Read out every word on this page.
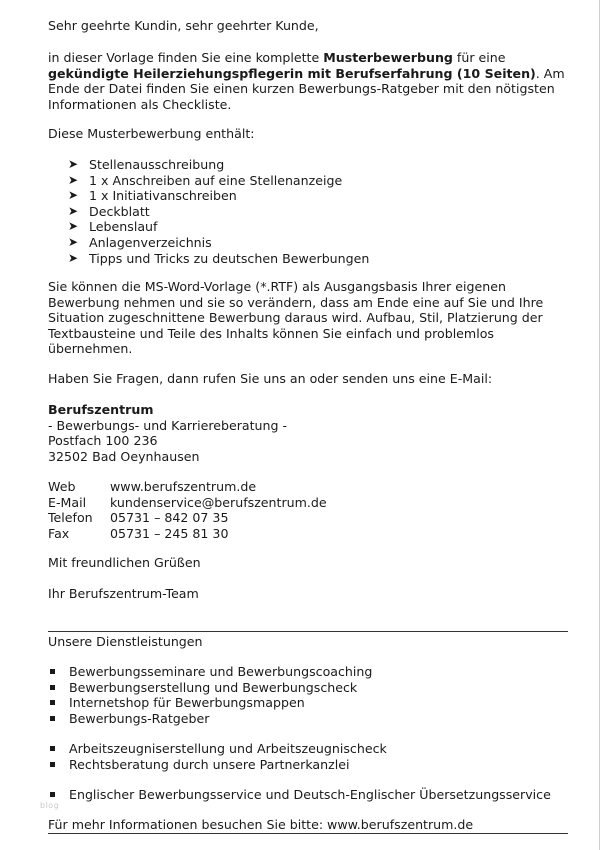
Sehr geehrte Kundin, sehr geehrter Kunde,

in dieser Vorlage finden Sie eine komplette Musterbewerbung für eine gekündigte Heilerziehungspflegerin mit Berufserfahrung (10 Seiten). Am Ende der Datei finden Sie einen kurzen Bewerbungs-Ratgeber mit den nötigsten Informationen als Checkliste.

Diese Musterbewerbung enthält:

➤ Stellenausschreibung
➤ 1 x Anschreiben auf eine Stellenanzeige
➤ 1 x Initiativanschreiben
➤ Deckblatt
➤ Lebenslauf
➤ Anlagenverzeichnis
➤ Tipps und Tricks zu deutschen Bewerbungen

Sie können die MS-Word-Vorlage (*.RTF) als Ausgangsbasis Ihrer eigenen Bewerbung nehmen und sie so verändern, dass am Ende eine auf Sie und Ihre Situation zugeschnittene Bewerbung daraus wird. Aufbau, Stil, Platzierung der Textbausteine und Teile des Inhalts können Sie einfach und problemlos übernehmen.

Haben Sie Fragen, dann rufen Sie uns an oder senden uns eine E-Mail:

Berufszentrum

- Bewerbungs- und Karriereberatung -

Postfach 100 236

32502 Bad Oeynhausen

Web	www.berufszentrum.de
E-Mail	kundenservice@berufszentrum.de
Telefon	05731 – 842 07 35
Fax	05731 – 245 81 30

Mit freundlichen Grüßen

Ihr Berufszentrum-Team

Unsere Dienstleistungen

Bewerbungsseminare und Bewerbungscoaching
Bewerbungserstellung und Bewerbungscheck
Internetshop für Bewerbungsmappen
Bewerbungs-Ratgeber
Arbeitszeugniserstellung und Arbeitszeugnischeck
Rechtsberatung durch unsere Partnerkanzlei
Englischer Bewerbungsservice und Deutsch-Englischer Übersetzungsservice
blog

Für mehr Informationen besuchen Sie bitte: www.berufszentrum.de
